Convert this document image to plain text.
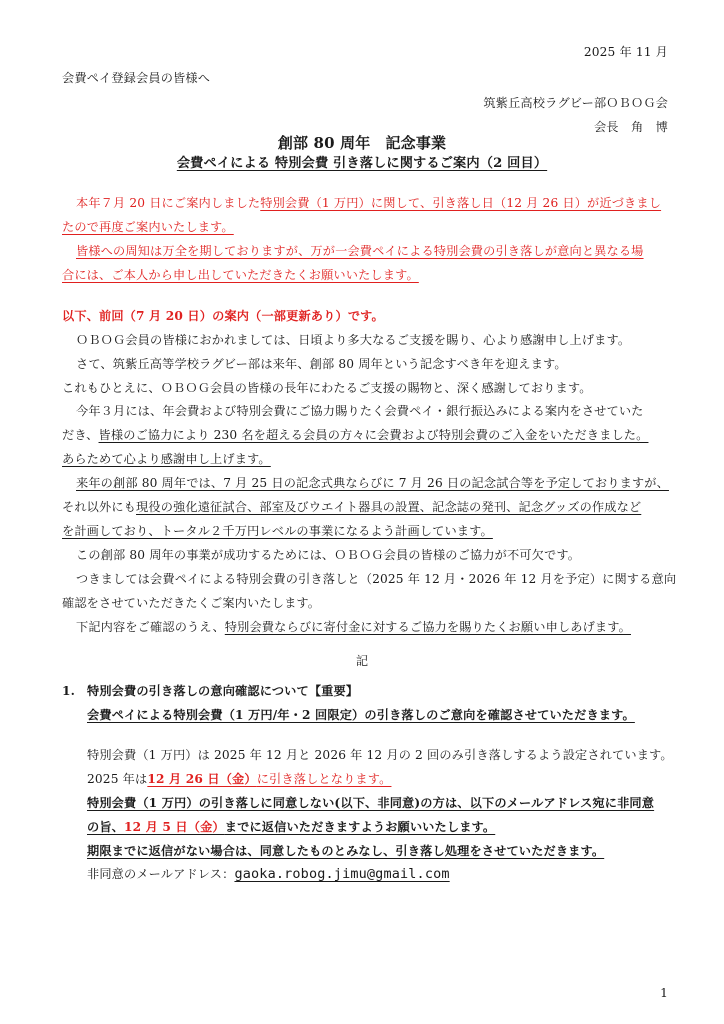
2025 年 11 月
会費ペイ登録会員の皆様へ
筑紫丘高校ラグビー部ＯＢＯＧ会
会長　角　博
創部 80 周年　記念事業
会費ペイによる 特別会費 引き落しに関するご案内（2 回目）
本年７月 20 日にご案内しました特別会費（1 万円）に関して、引き落し日（12 月 26 日）が近づきまし
たので再度ご案内いたします。
皆様への周知は万全を期しておりますが、万が一会費ペイによる特別会費の引き落しが意向と異なる場
合には、ご本人から申し出していただきたくお願いいたします。
以下、前回（7 月 20 日）の案内（一部更新あり）です。
ＯＢＯＧ会員の皆様におかれましては、日頃より多大なるご支援を賜り、心より感謝申し上げます。
さて、筑紫丘高等学校ラグビー部は来年、創部 80 周年という記念すべき年を迎えます。
これもひとえに、ＯＢＯＧ会員の皆様の長年にわたるご支援の賜物と、深く感謝しております。
今年３月には、年会費および特別会費にご協力賜りたく会費ペイ・銀行振込みによる案内をさせていた
だき、皆様のご協力により 230 名を超える会員の方々に会費および特別会費のご入金をいただきました。
あらためて心より感謝申し上げます。
来年の創部 80 周年では、7 月 25 日の記念式典ならびに 7 月 26 日の記念試合等を予定しておりますが、
それ以外にも現役の強化遠征試合、部室及びウエイト器具の設置、記念誌の発刊、記念グッズの作成など
を計画しており、トータル２千万円レベルの事業になるよう計画しています。
この創部 80 周年の事業が成功するためには、ＯＢＯＧ会員の皆様のご協力が不可欠です。
つきましては会費ペイによる特別会費の引き落しと（2025 年 12 月・2026 年 12 月を予定）に関する意向
確認をさせていただきたくご案内いたします。
下記内容をご確認のうえ、特別会費ならびに寄付金に対するご協力を賜りたくお願い申しあげます。
記
1. 特別会費の引き落しの意向確認について【重要】
会費ペイによる特別会費（1 万円/年・2 回限定）の引き落しのご意向を確認させていただきます。
特別会費（1 万円）は 2025 年 12 月と 2026 年 12 月の 2 回のみ引き落しするよう設定されています。
2025 年は12 月 26 日（金）に引き落しとなります。
特別会費（1 万円）の引き落しに同意しない(以下、非同意)の方は、以下のメールアドレス宛に非同意
の旨、12 月 5 日（金）までに返信いただきますようお願いいたします。
期限までに返信がない場合は、同意したものとみなし、引き落し処理をさせていただきます。
非同意のメールアドレス：gaoka.robog.jimu@gmail.com
1
